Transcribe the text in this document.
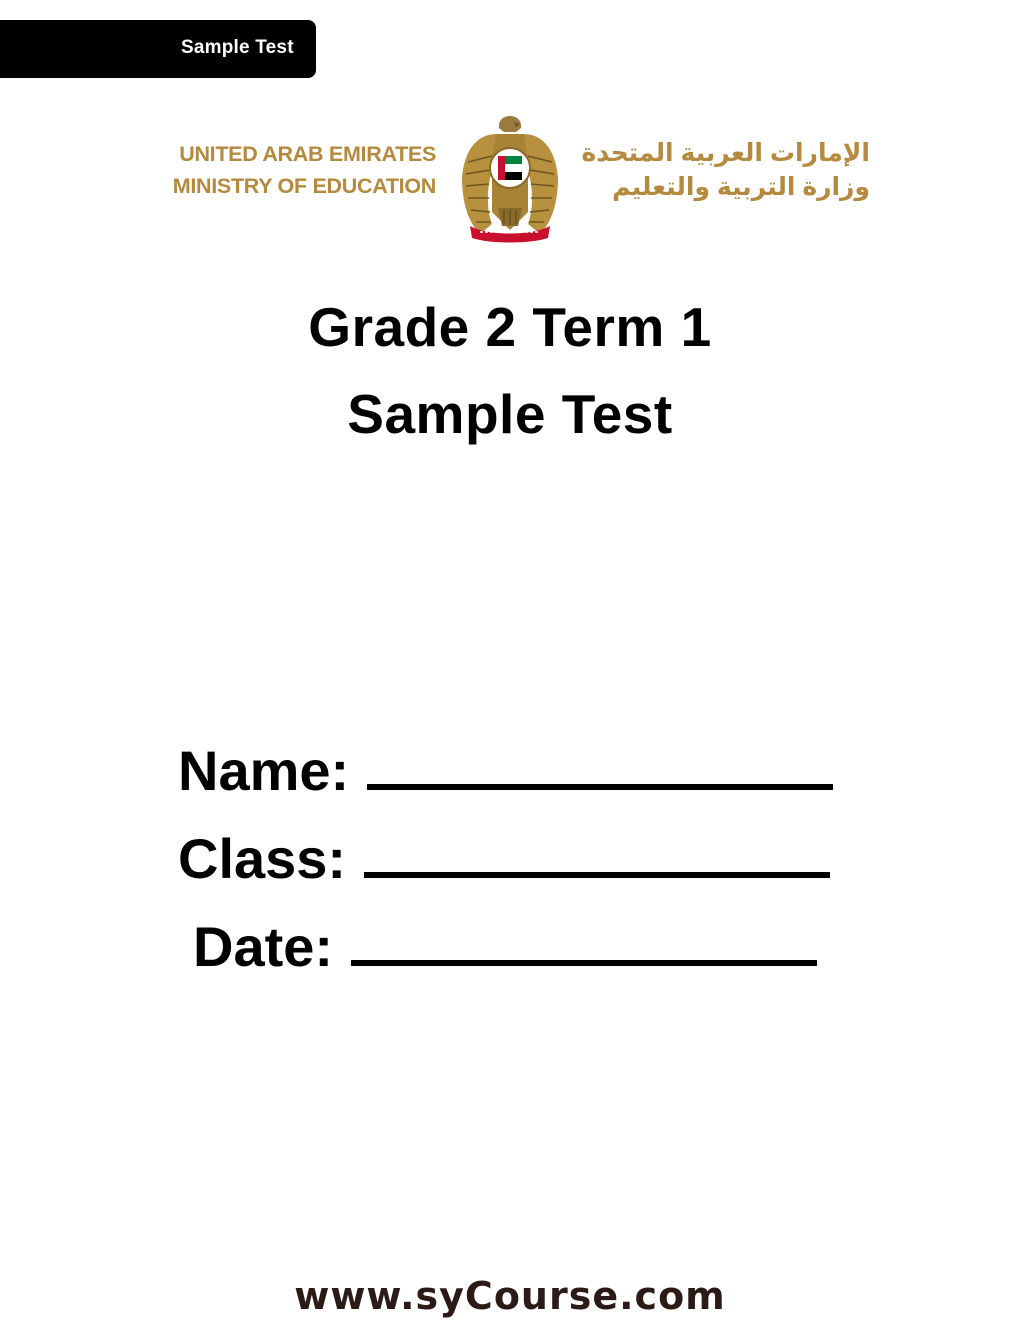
Sample Test
UNITED ARAB EMIRATES
MINISTRY OF EDUCATION
الإمارات العربية المتحدة
وزارة التربية والتعليم
Grade 2 Term 1
Sample Test
Name:
Class:
Date:
www.syCourse.com
